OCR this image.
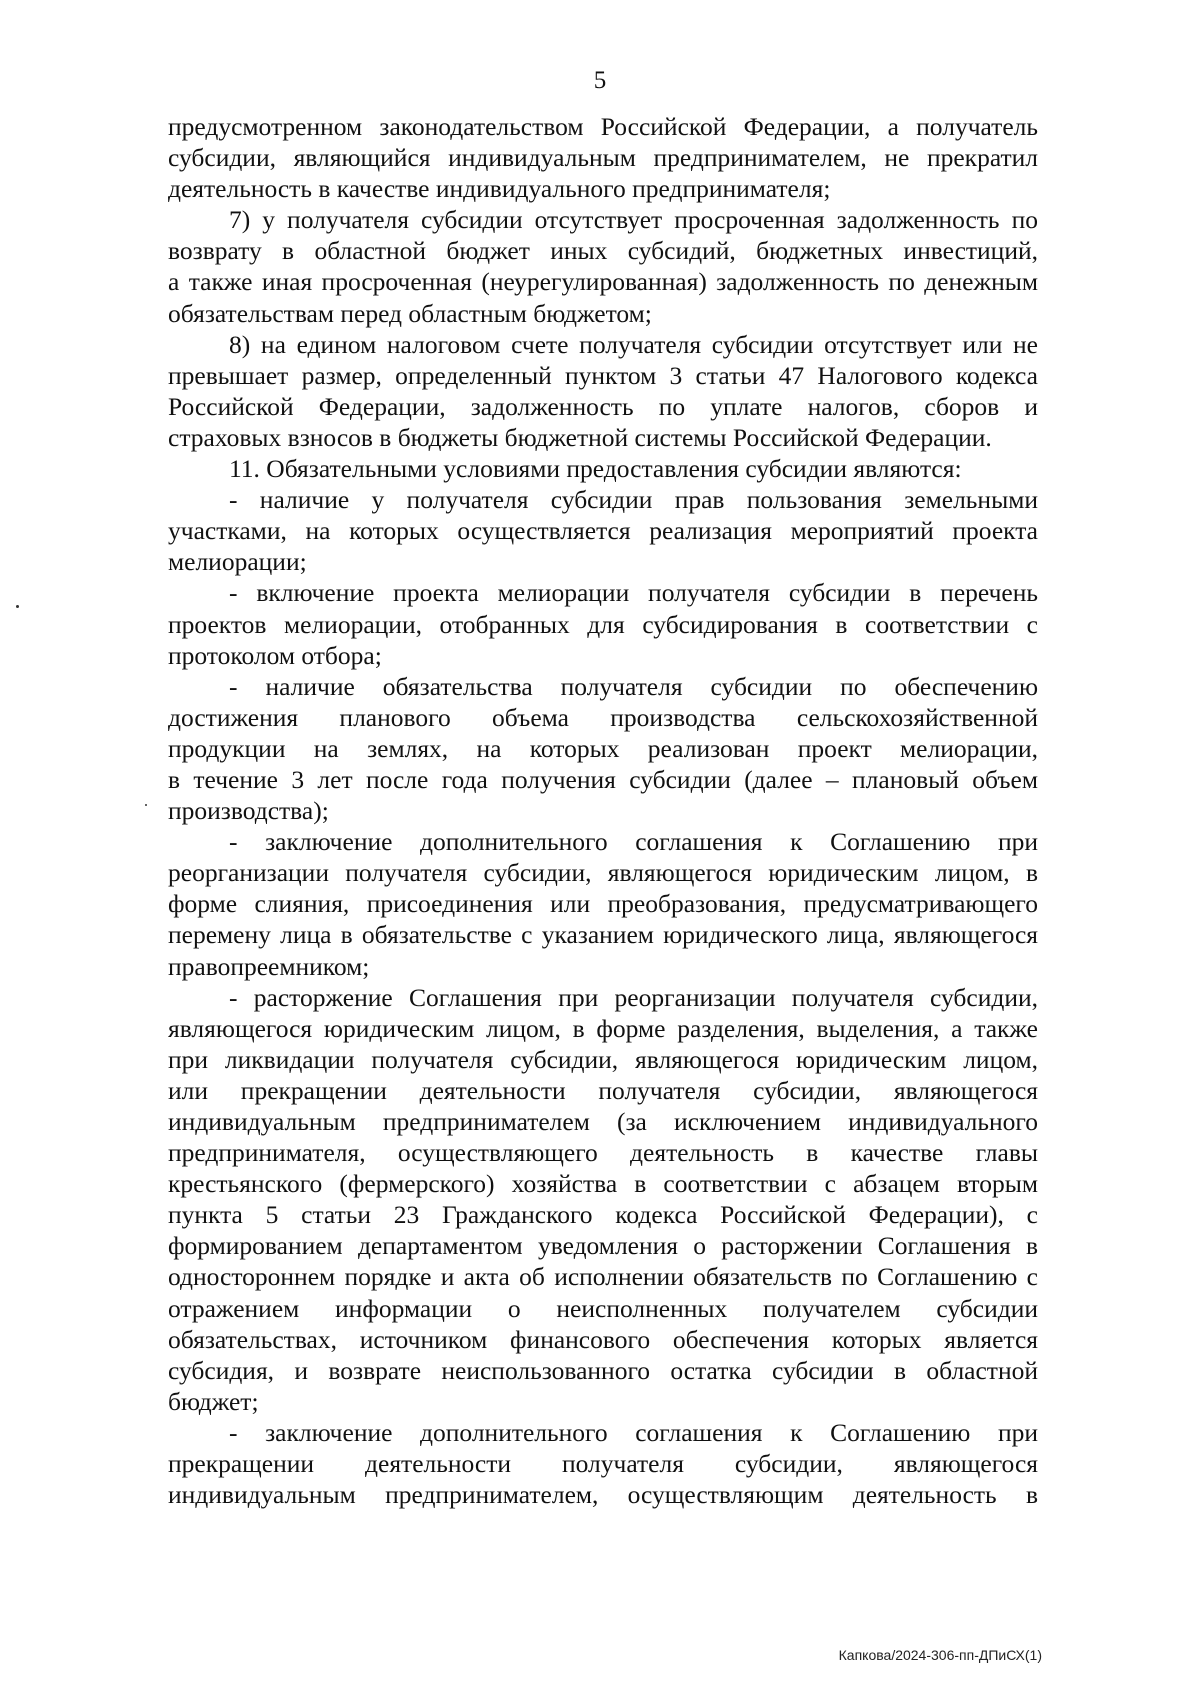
5
предусмотренном законодательством Российской Федерации, а получатель
субсидии, являющийся индивидуальным предпринимателем, не прекратил
деятельность в качестве индивидуального предпринимателя;
7) у получателя субсидии отсутствует просроченная задолженность по
возврату в областной бюджет иных субсидий, бюджетных инвестиций,
а также иная просроченная (неурегулированная) задолженность по денежным
обязательствам перед областным бюджетом;
8) на едином налоговом счете получателя субсидии отсутствует или не
превышает размер, определенный пунктом 3 статьи 47 Налогового кодекса
Российской Федерации, задолженность по уплате налогов, сборов и
страховых взносов в бюджеты бюджетной системы Российской Федерации.
11. Обязательными условиями предоставления субсидии являются:
- наличие у получателя субсидии прав пользования земельными
участками, на которых осуществляется реализация мероприятий проекта
мелиорации;
- включение проекта мелиорации получателя субсидии в перечень
проектов мелиорации, отобранных для субсидирования в соответствии с
протоколом отбора;
- наличие обязательства получателя субсидии по обеспечению
достижения планового объема производства сельскохозяйственной
продукции на землях, на которых реализован проект мелиорации,
в течение 3 лет после года получения субсидии (далее – плановый объем
производства);
- заключение дополнительного соглашения к Соглашению при
реорганизации получателя субсидии, являющегося юридическим лицом, в
форме слияния, присоединения или преобразования, предусматривающего
перемену лица в обязательстве с указанием юридического лица, являющегося
правопреемником;
- расторжение Соглашения при реорганизации получателя субсидии,
являющегося юридическим лицом, в форме разделения, выделения, а также
при ликвидации получателя субсидии, являющегося юридическим лицом,
или прекращении деятельности получателя субсидии, являющегося
индивидуальным предпринимателем (за исключением индивидуального
предпринимателя, осуществляющего деятельность в качестве главы
крестьянского (фермерского) хозяйства в соответствии с абзацем вторым
пункта 5 статьи 23 Гражданского кодекса Российской Федерации), с
формированием департаментом уведомления о расторжении Соглашения в
одностороннем порядке и акта об исполнении обязательств по Соглашению с
отражением информации о неисполненных получателем субсидии
обязательствах, источником финансового обеспечения которых является
субсидия, и возврате неиспользованного остатка субсидии в областной
бюджет;
- заключение дополнительного соглашения к Соглашению при
прекращении деятельности получателя субсидии, являющегося
индивидуальным предпринимателем, осуществляющим деятельность в
Капкова/2024-306-пп-ДПиСХ(1)
